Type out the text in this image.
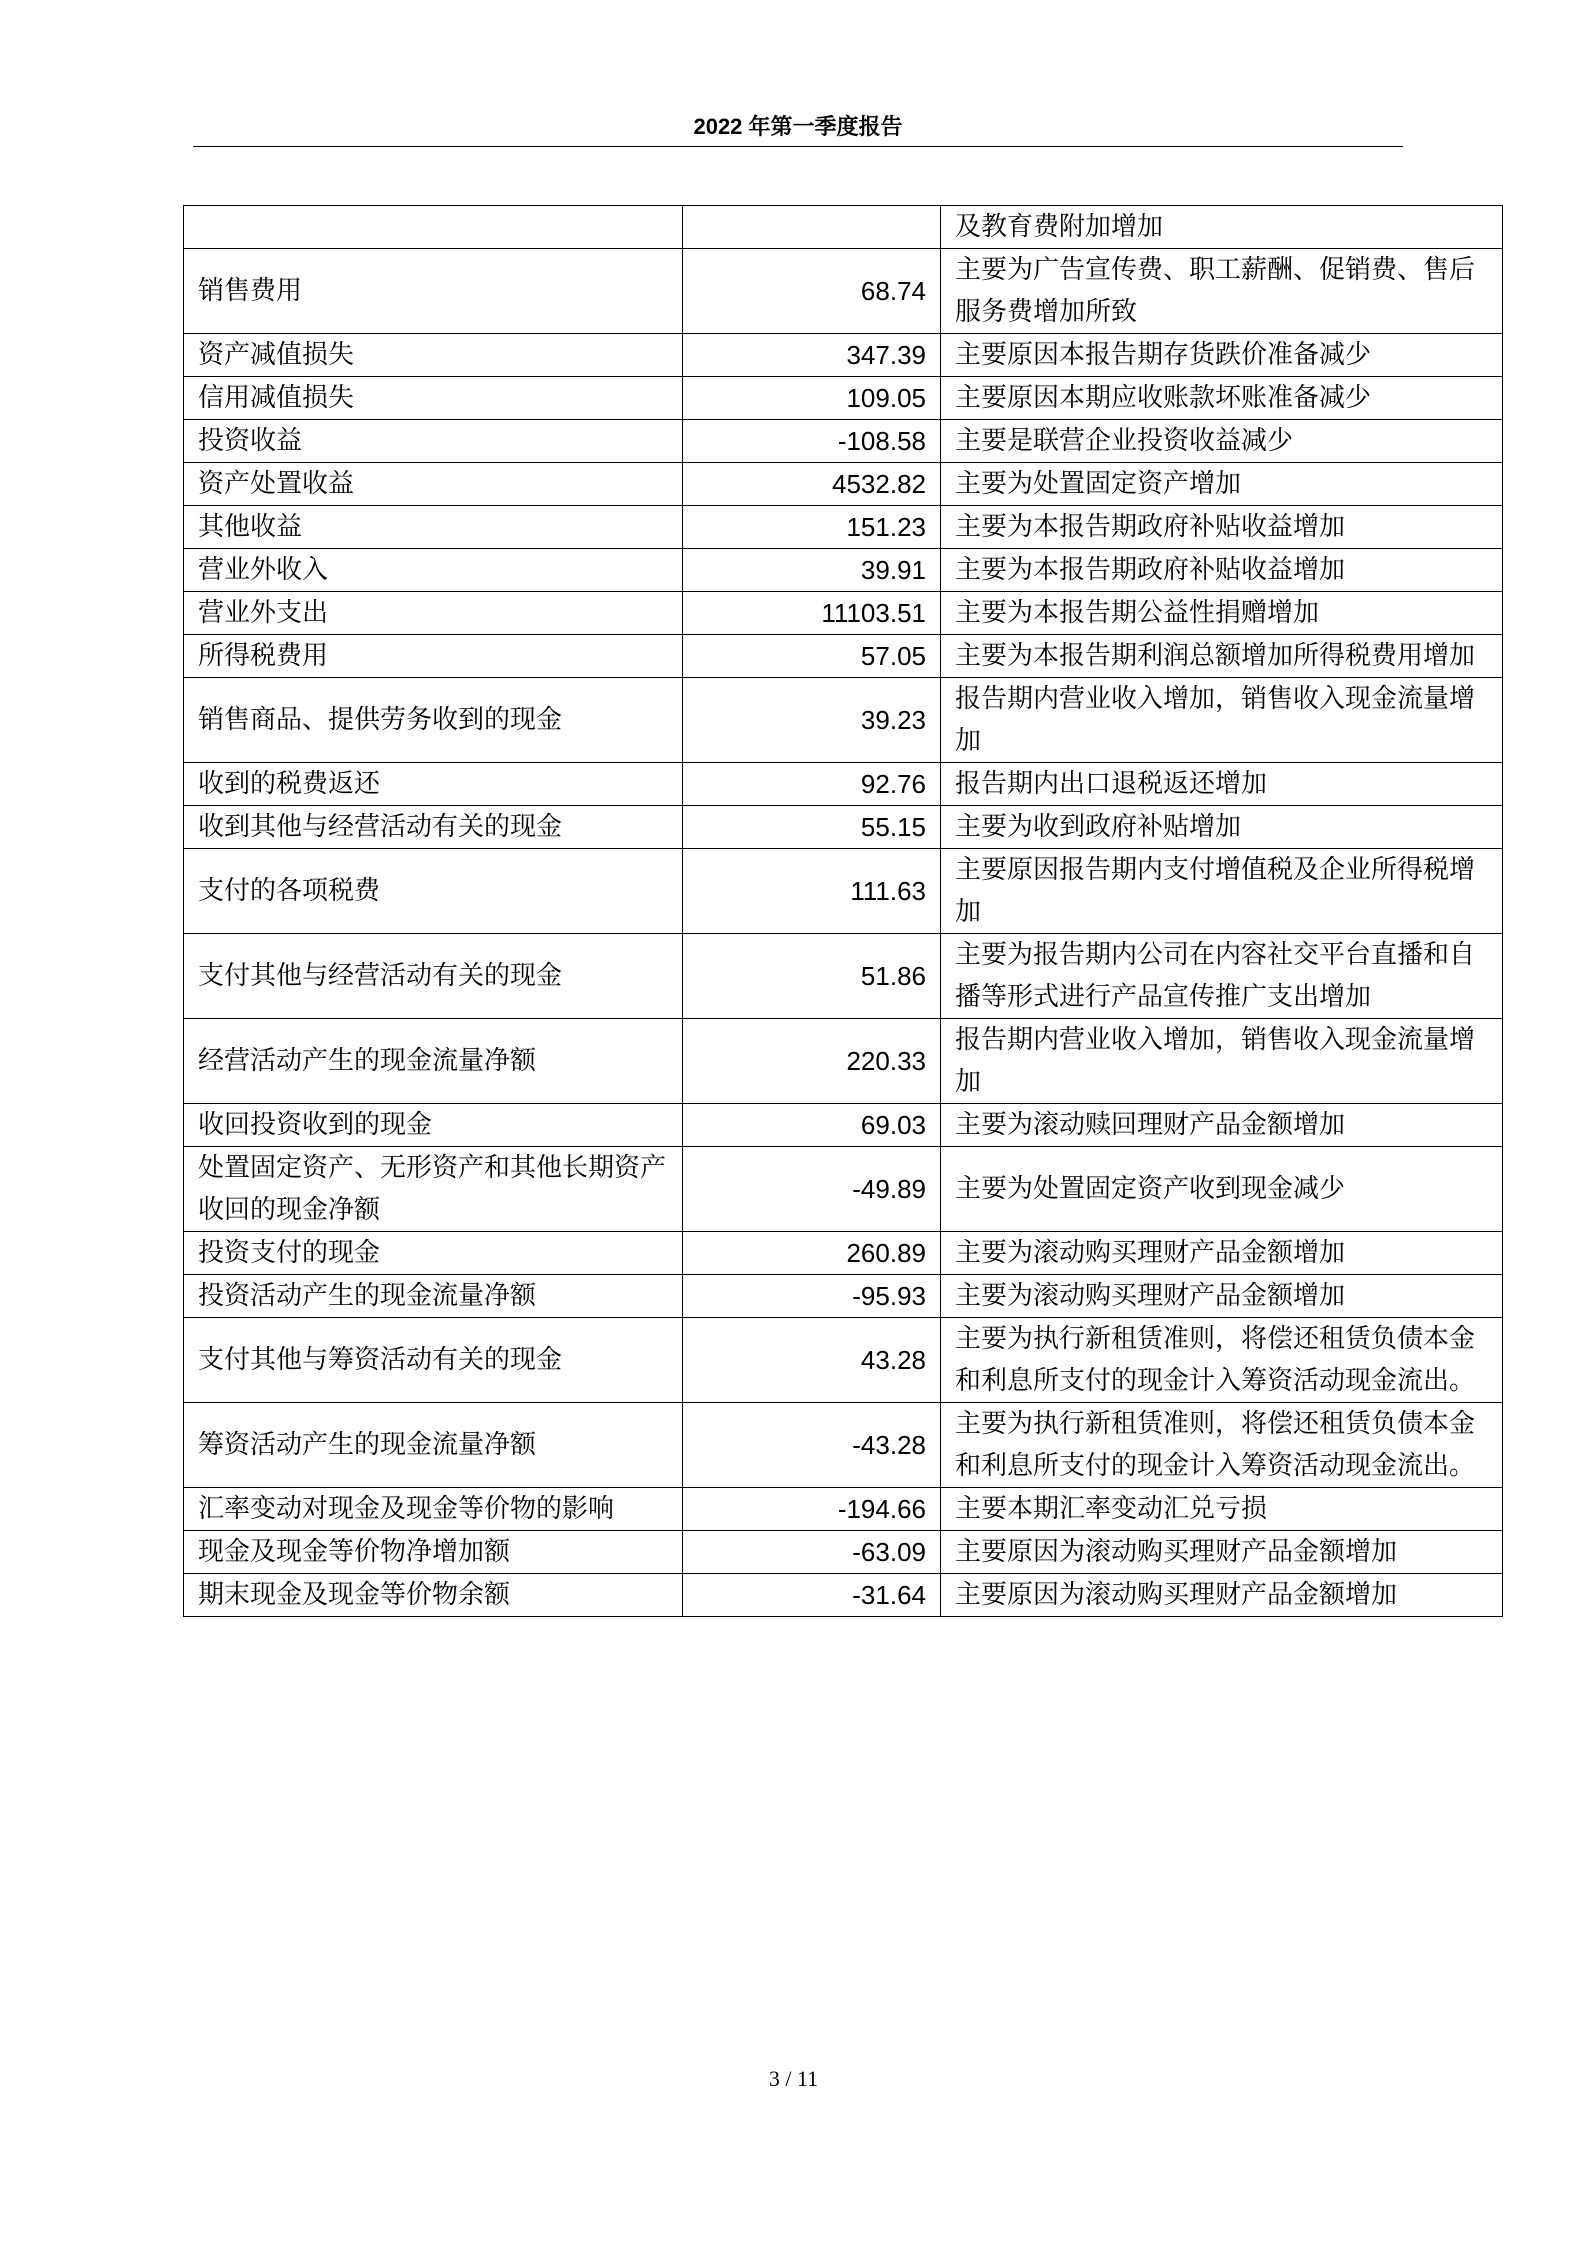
2022 年第一季度报告
		及教育费附加增加
销售费用	68.74	主要为广告宣传费、职工薪酬、促销费、售后服务费增加所致
资产减值损失	347.39	主要原因本报告期存货跌价准备减少
信用减值损失	109.05	主要原因本期应收账款坏账准备减少
投资收益	-108.58	主要是联营企业投资收益减少
资产处置收益	4532.82	主要为处置固定资产增加
其他收益	151.23	主要为本报告期政府补贴收益增加
营业外收入	39.91	主要为本报告期政府补贴收益增加
营业外支出	11103.51	主要为本报告期公益性捐赠增加
所得税费用	57.05	主要为本报告期利润总额增加所得税费用增加
销售商品、提供劳务收到的现金	39.23	报告期内营业收入增加，销售收入现金流量增加
收到的税费返还	92.76	报告期内出口退税返还增加
收到其他与经营活动有关的现金	55.15	主要为收到政府补贴增加
支付的各项税费	111.63	主要原因报告期内支付增值税及企业所得税增加
支付其他与经营活动有关的现金	51.86	主要为报告期内公司在内容社交平台直播和自播等形式进行产品宣传推广支出增加
经营活动产生的现金流量净额	220.33	报告期内营业收入增加，销售收入现金流量增加
收回投资收到的现金	69.03	主要为滚动赎回理财产品金额增加
处置固定资产、无形资产和其他长期资产收回的现金净额	-49.89	主要为处置固定资产收到现金减少
投资支付的现金	260.89	主要为滚动购买理财产品金额增加
投资活动产生的现金流量净额	-95.93	主要为滚动购买理财产品金额增加
支付其他与筹资活动有关的现金	43.28	主要为执行新租赁准则，将偿还租赁负债本金和利息所支付的现金计入筹资活动现金流出。
筹资活动产生的现金流量净额	-43.28	主要为执行新租赁准则，将偿还租赁负债本金和利息所支付的现金计入筹资活动现金流出。
汇率变动对现金及现金等价物的影响	-194.66	主要本期汇率变动汇兑亏损
现金及现金等价物净增加额	-63.09	主要原因为滚动购买理财产品金额增加
期末现金及现金等价物余额	-31.64	主要原因为滚动购买理财产品金额增加
3 / 11
